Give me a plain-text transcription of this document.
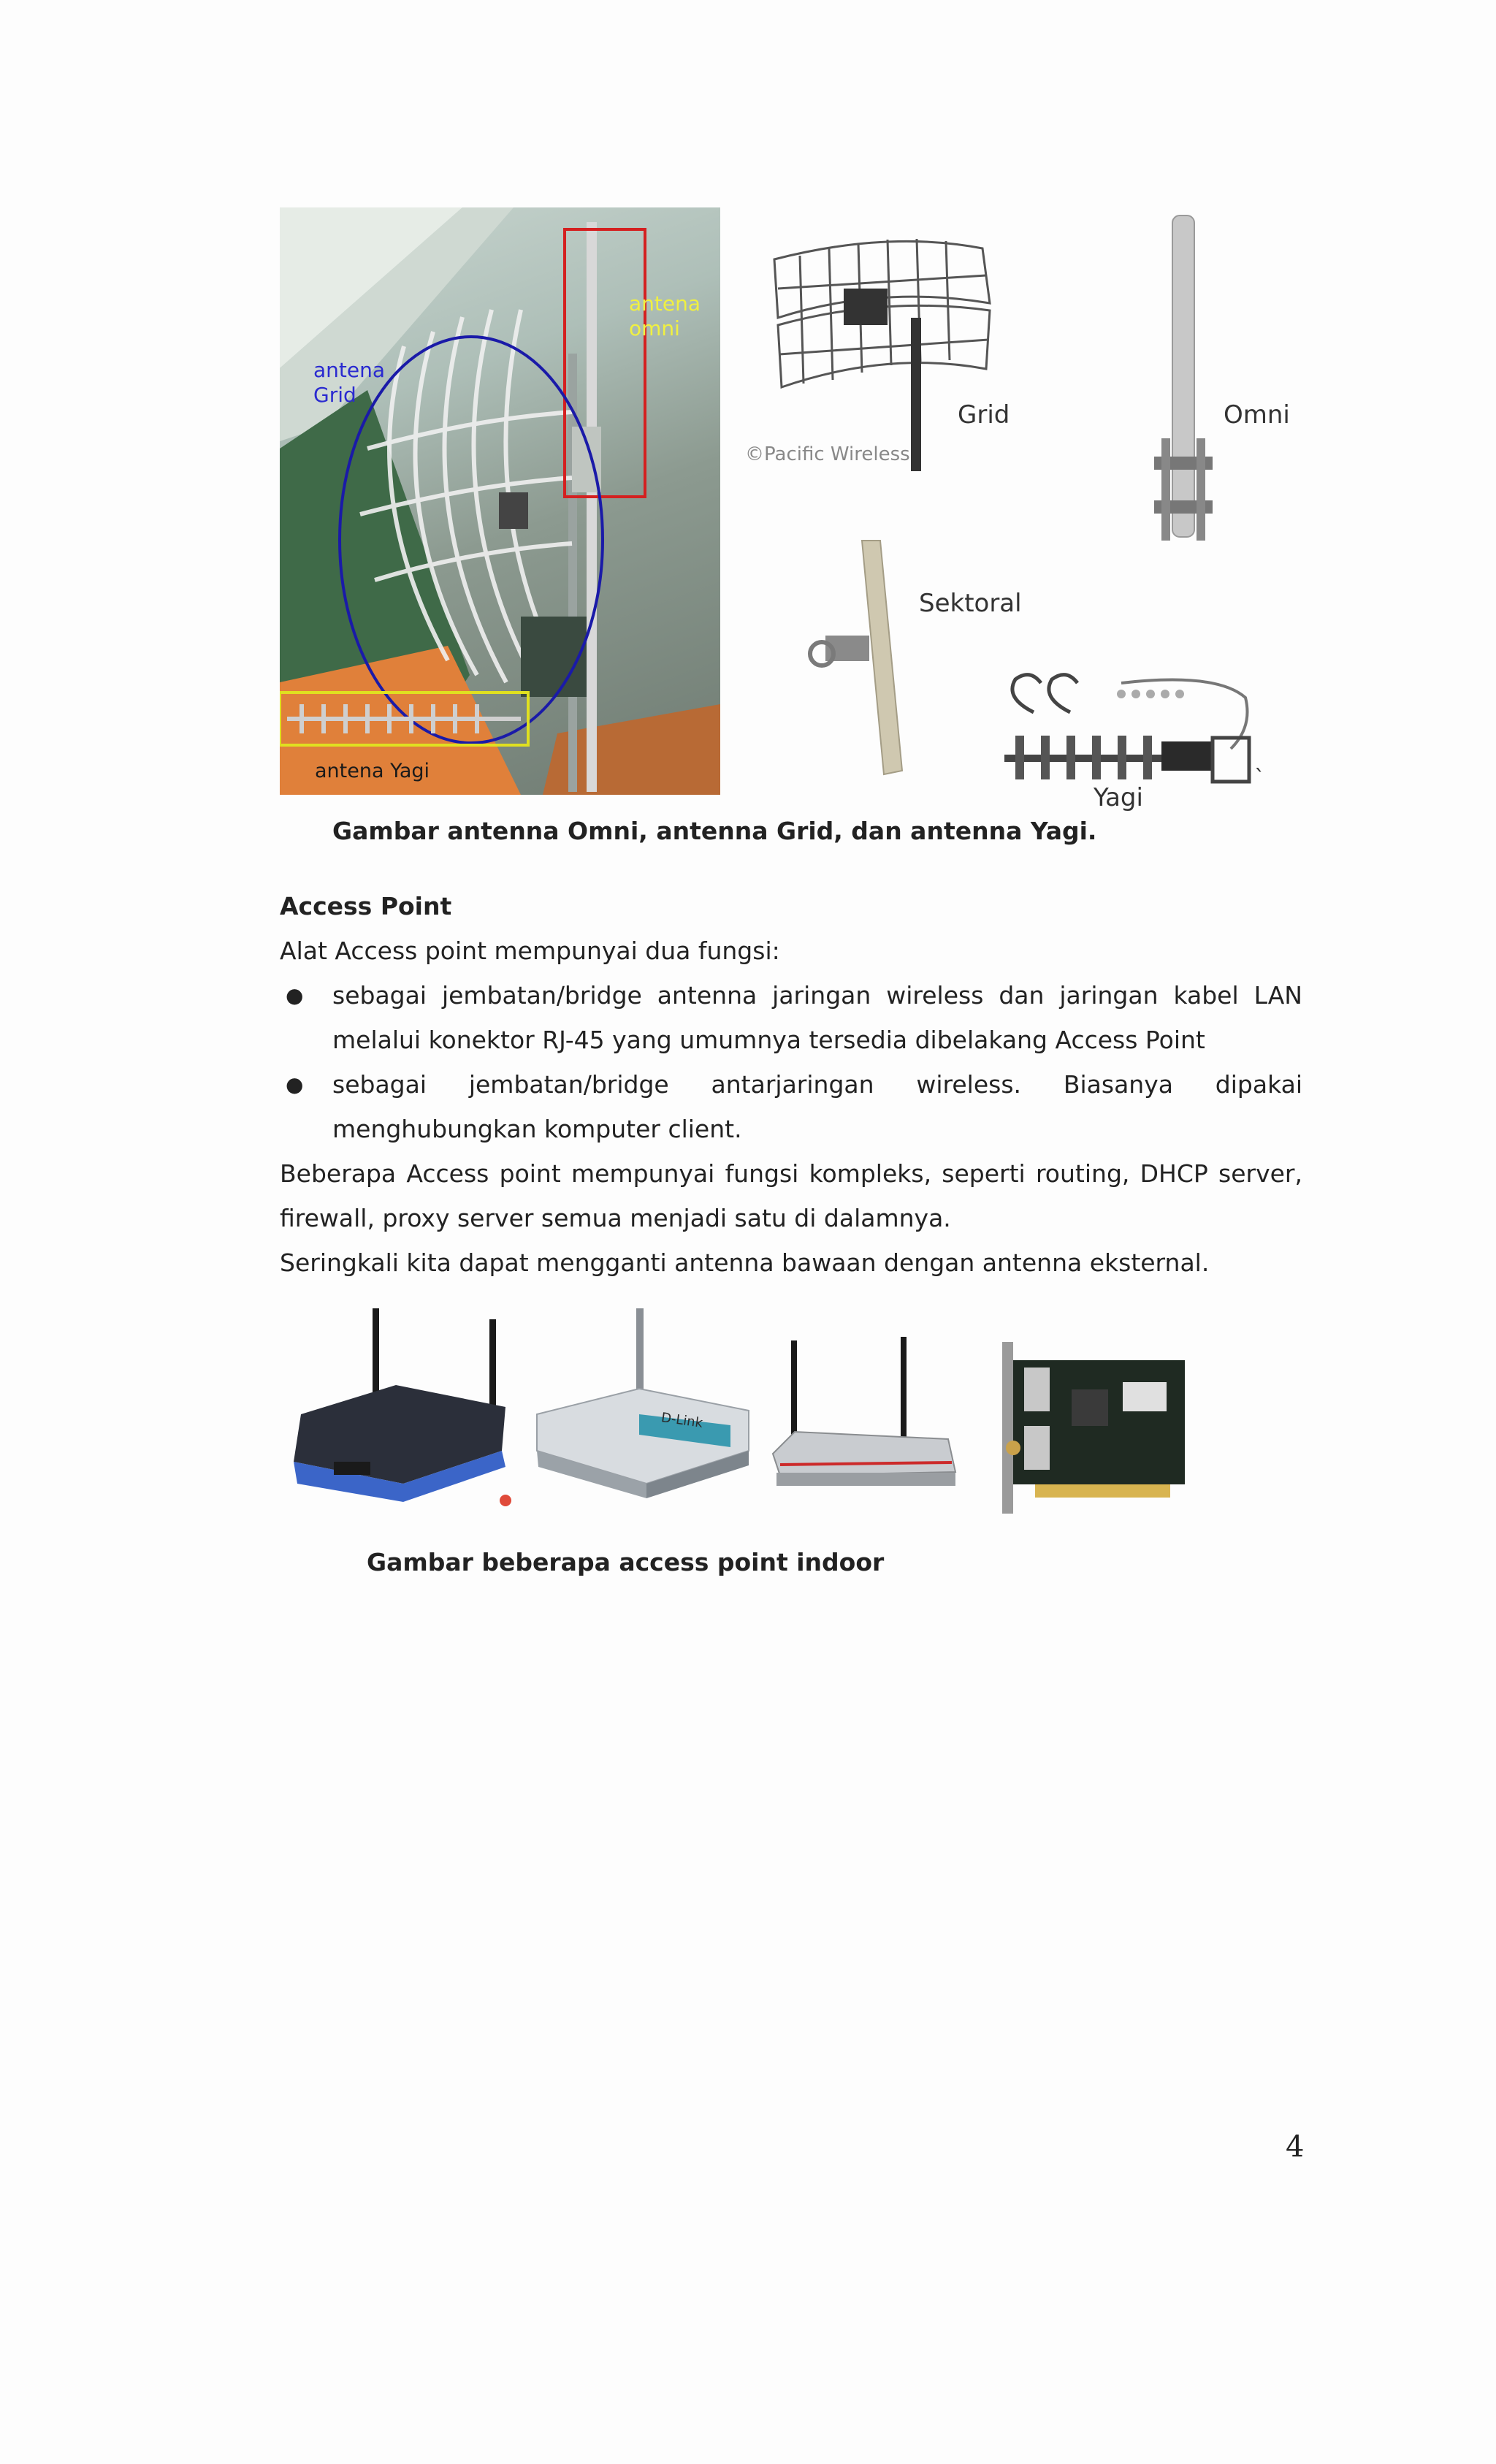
antena
omni
antena
Grid
antena Yagi
©Pacific Wireless
Grid	Omni
Sektoral
Yagi
`
Gambar antenna Omni, antenna Grid, dan antenna Yagi.
Access Point
Alat Access point mempunyai dua fungsi:
● sebagai jembatan/bridge antenna jaringan wireless dan jaringan kabel LAN
melalui konektor RJ-45 yang umumnya tersedia dibelakang Access Point
● sebagai jembatan/bridge antarjaringan wireless. Biasanya dipakai
menghubungkan komputer client.
Beberapa Access point mempunyai fungsi kompleks, seperti routing, DHCP server,
firewall, proxy server semua menjadi satu di dalamnya.
Seringkali kita dapat mengganti antenna bawaan dengan antenna eksternal.
D-Link
Gambar beberapa access point indoor
4
